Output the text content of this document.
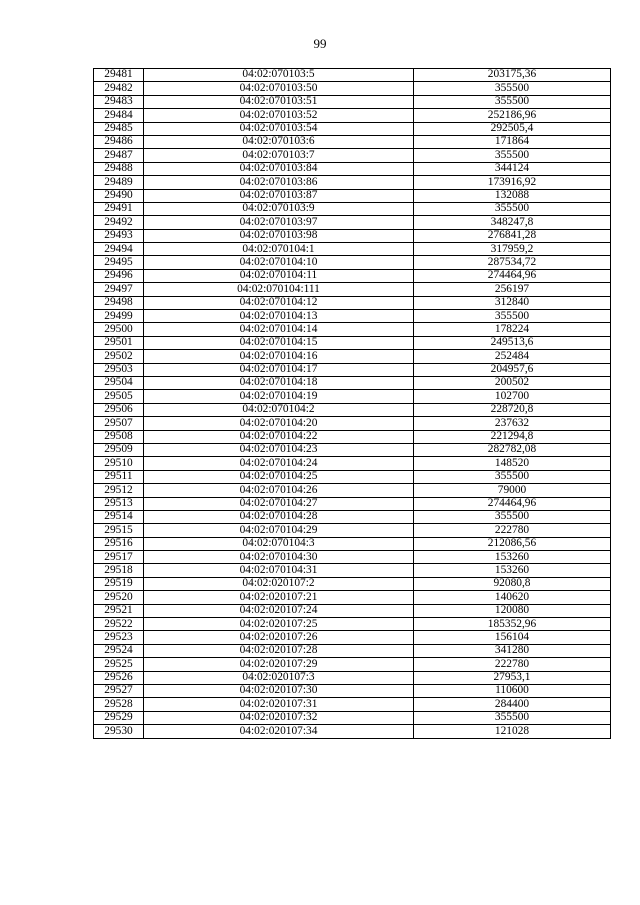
99
29481	04:02:070103:5	203175,36
29482	04:02:070103:50	355500
29483	04:02:070103:51	355500
29484	04:02:070103:52	252186,96
29485	04:02:070103:54	292505,4
29486	04:02:070103:6	171864
29487	04:02:070103:7	355500
29488	04:02:070103:84	344124
29489	04:02:070103:86	173916,92
29490	04:02:070103:87	132088
29491	04:02:070103:9	355500
29492	04:02:070103:97	348247,8
29493	04:02:070103:98	276841,28
29494	04:02:070104:1	317959,2
29495	04:02:070104:10	287534,72
29496	04:02:070104:11	274464,96
29497	04:02:070104:111	256197
29498	04:02:070104:12	312840
29499	04:02:070104:13	355500
29500	04:02:070104:14	178224
29501	04:02:070104:15	249513,6
29502	04:02:070104:16	252484
29503	04:02:070104:17	204957,6
29504	04:02:070104:18	200502
29505	04:02:070104:19	102700
29506	04:02:070104:2	228720,8
29507	04:02:070104:20	237632
29508	04:02:070104:22	221294,8
29509	04:02:070104:23	282782,08
29510	04:02:070104:24	148520
29511	04:02:070104:25	355500
29512	04:02:070104:26	79000
29513	04:02:070104:27	274464,96
29514	04:02:070104:28	355500
29515	04:02:070104:29	222780
29516	04:02:070104:3	212086,56
29517	04:02:070104:30	153260
29518	04:02:070104:31	153260
29519	04:02:020107:2	92080,8
29520	04:02:020107:21	140620
29521	04:02:020107:24	120080
29522	04:02:020107:25	185352,96
29523	04:02:020107:26	156104
29524	04:02:020107:28	341280
29525	04:02:020107:29	222780
29526	04:02:020107:3	27953,1
29527	04:02:020107:30	110600
29528	04:02:020107:31	284400
29529	04:02:020107:32	355500
29530	04:02:020107:34	121028
